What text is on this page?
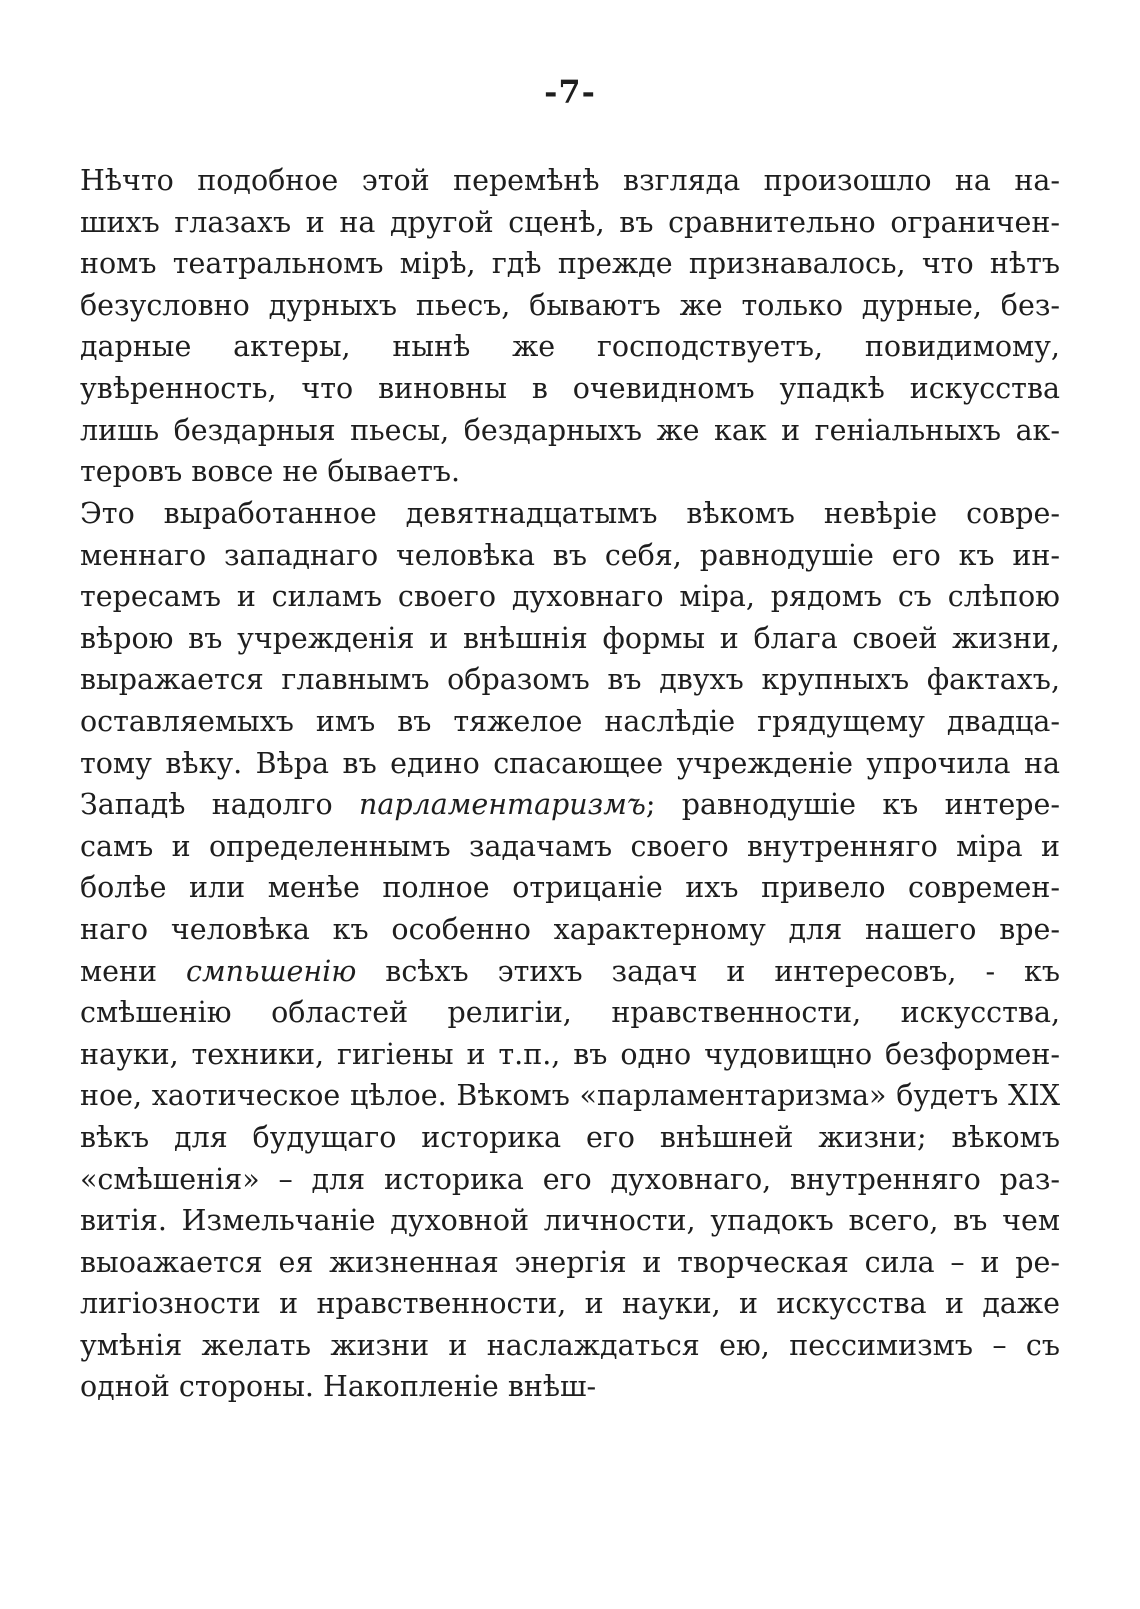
-7-
Нѣчто подобное этой перемѣнѣ взгляда произошло на на-
шихъ глазахъ и на другой сценѣ, въ сравнительно ограничен-
номъ театральномъ мірѣ, гдѣ прежде признавалось, что нѣтъ
безусловно дурныхъ пьесъ, бываютъ же только дурные, без-
дарные актеры, нынѣ же господствуетъ, повидимому,
увѣренность, что виновны в очевидномъ упадкѣ искусства
лишь бездарныя пьесы, бездарныхъ же как и геніальныхъ ак-
теровъ вовсе не бываетъ.
Это выработанное девятнадцатымъ вѣкомъ невѣріе совре-
меннаго западнаго человѣка въ себя, равнодушіе его къ ин-
тересамъ и силамъ своего духовнаго міра, рядомъ съ слѣпою
вѣрою въ учрежденія и внѣшнія формы и блага своей жизни,
выражается главнымъ образомъ въ двухъ крупныхъ фактахъ,
оставляемыхъ имъ въ тяжелое наслѣдіе грядущему двадца-
тому вѣку. Вѣра въ едино спасающее учрежденіе упрочила на
Западѣ надолго парламентаризмъ; равнодушіе къ интере-
самъ и определеннымъ задачамъ своего внутренняго міра и
болѣе или менѣе полное отрицаніе ихъ привело современ-
наго человѣка къ особенно характерному для нашего вре-
мени смпьшенію всѣхъ этихъ задач и интересовъ, - къ
смѣшенію областей религіи, нравственности, искусства,
науки, техники, гигіены и т.п., въ одно чудовищно безформен-
ное, хаотическое цѣлое. Вѣкомъ «парламентаризма» будетъ XIX
вѣкъ для будущаго историка его внѣшней жизни; вѣкомъ
«смѣшенія» – для историка его духовнаго, внутренняго раз-
витія. Измельчаніе духовной личности, упадокъ всего, въ чем
выоажается ея жизненная энергія и творческая сила – и ре-
лигіозности и нравственности, и науки, и искусства и даже
умѣнія желать жизни и наслаждаться ею, пессимизмъ – съ
одной стороны. Накопленіе внѣш-
